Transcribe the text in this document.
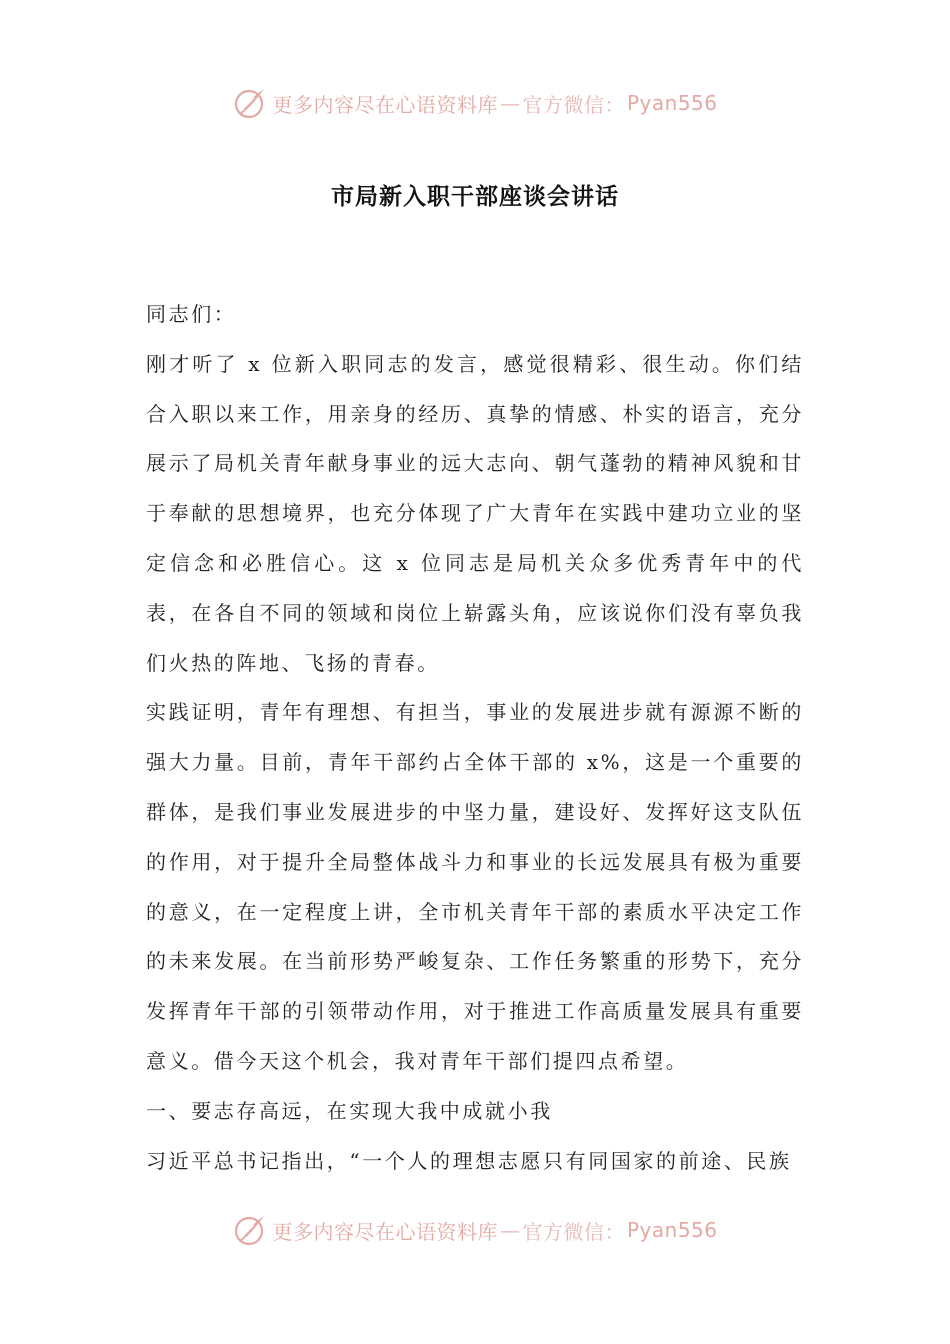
更多内容尽在心语资料库 — 官方微信： Pyan556
市局新入职干部座谈会讲话

同志们：

刚才听了 x 位新入职同志的发言，感觉很精彩、很生动。你们结合入职以来工作，用亲身的经历、真挚的情感、朴实的语言，充分展示了局机关青年献身事业的远大志向、朝气蓬勃的精神风貌和甘于奉献的思想境界，也充分体现了广大青年在实践中建功立业的坚定信念和必胜信心。这 x 位同志是局机关众多优秀青年中的代表，在各自不同的领域和岗位上崭露头角，应该说你们没有辜负我们火热的阵地、飞扬的青春。

实践证明，青年有理想、有担当，事业的发展进步就有源源不断的强大力量。目前，青年干部约占全体干部的 x%，这是一个重要的群体，是我们事业发展进步的中坚力量，建设好、发挥好这支队伍的作用，对于提升全局整体战斗力和事业的长远发展具有极为重要的意义，在一定程度上讲，全市机关青年干部的素质水平决定工作的未来发展。在当前形势严峻复杂、工作任务繁重的形势下，充分发挥青年干部的引领带动作用，对于推进工作高质量发展具有重要意义。借今天这个机会，我对青年干部们提四点希望。

一、要志存高远，在实现大我中成就小我

习近平总书记指出，“一个人的理想志愿只有同国家的前途、民族

更多内容尽在心语资料库 — 官方微信： Pyan556
